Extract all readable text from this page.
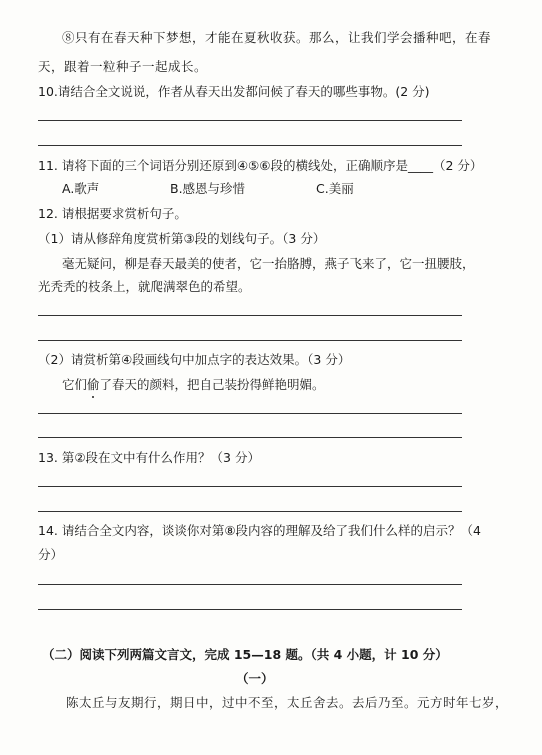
⑧只有在春天种下梦想，才能在夏秋收获。那么，让我们学会播种吧，在春
天，跟着一粒种子一起成长。
10.请结合全文说说，作者从春天出发都问候了春天的哪些事物。(2 分)
11. 请将下面的三个词语分别还原到④⑤⑥段的横线处，正确顺序是____（2 分）
A.歌声	B.感恩与珍惜	C.美丽
12. 请根据要求赏析句子。
（1）请从修辞角度赏析第③段的划线句子。（3 分）
毫无疑问，柳是春天最美的使者，它一抬胳膊，燕子飞来了，它一扭腰肢，
光秃秃的枝条上，就爬满翠色的希望。
（2）请赏析第④段画线句中加点字的表达效果。（3 分）
它们偷了春天的颜料，把自己装扮得鲜艳明媚。
13. 第②段在文中有什么作用？（3 分）
14. 请结合全文内容，谈谈你对第⑧段内容的理解及给了我们什么样的启示？（4
分）
（二）阅读下列两篇文言文，完成 15—18 题。（共 4 小题，计 10 分）
（一）
陈太丘与友期行，期日中，过中不至，太丘舍去。去后乃至。元方时年七岁，
